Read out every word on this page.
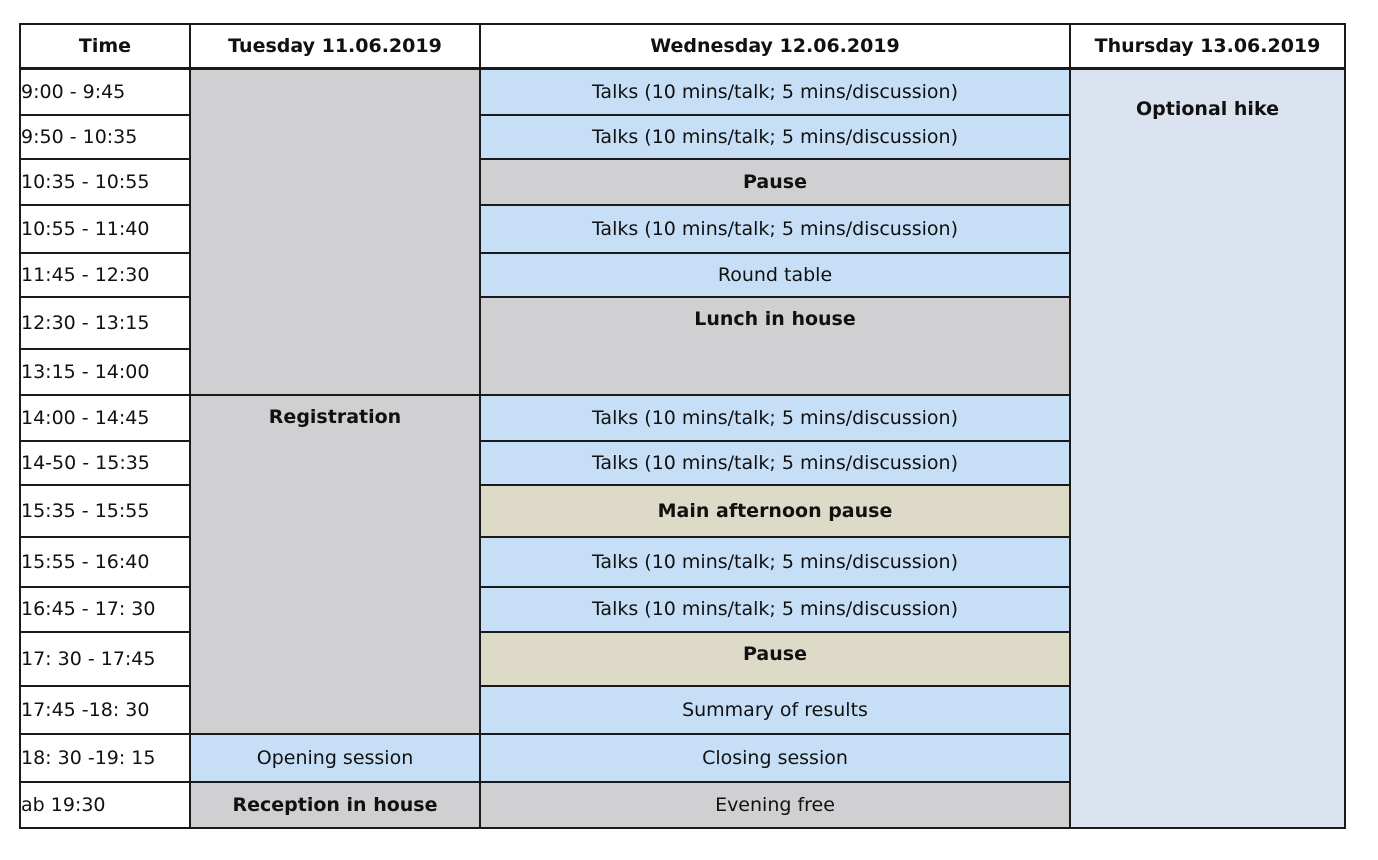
Time	Tuesday 11.06.2019	Wednesday 12.06.2019	Thursday 13.06.2019
9:00 - 9:45		Talks (10 mins/talk; 5 mins/discussion)	Optional hike
9:50 - 10:35		Talks (10 mins/talk; 5 mins/discussion)	
10:35 - 10:55		Pause	
10:55 - 11:40		Talks (10 mins/talk; 5 mins/discussion)	
11:45 - 12:30		Round table	
12:30 - 13:15		Lunch in house	
13:15 - 14:00			
14:00 - 14:45	Registration	Talks (10 mins/talk; 5 mins/discussion)	
14-50 - 15:35		Talks (10 mins/talk; 5 mins/discussion)	
15:35 - 15:55		Main afternoon pause	
15:55 - 16:40		Talks (10 mins/talk; 5 mins/discussion)	
16:45 - 17: 30		Talks (10 mins/talk; 5 mins/discussion)	
17: 30 - 17:45		Pause	
17:45 -18: 30		Summary of results	
18: 30 -19: 15	Opening session	Closing session	
ab 19:30	Reception in house	Evening free	
